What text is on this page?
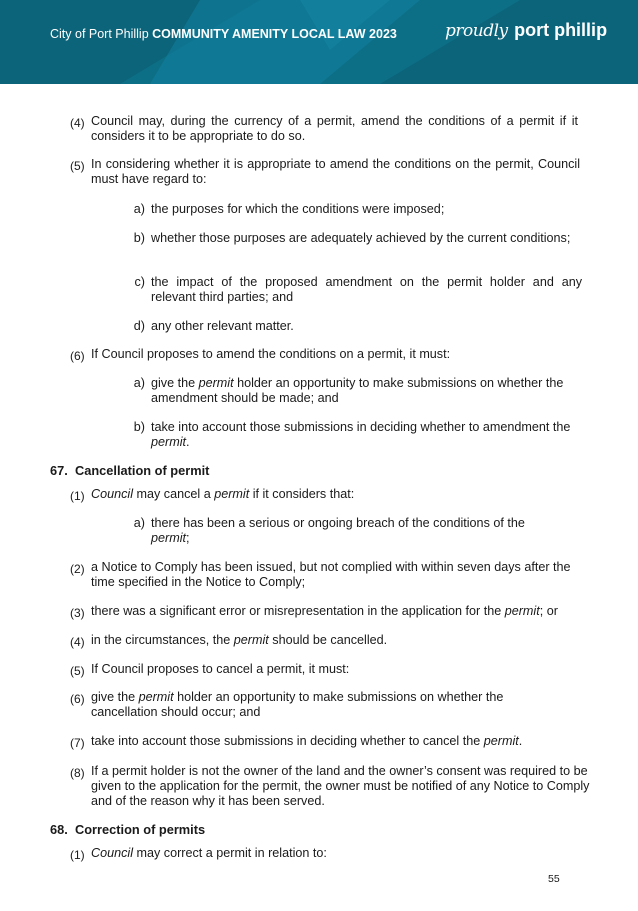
City of Port Phillip COMMUNITY AMENITY LOCAL LAW 2023	proudly port phillip
(4) Council may, during the currency of a permit, amend the conditions of a permit if it considers it to be appropriate to do so.
(5) In considering whether it is appropriate to amend the conditions on the permit, Council must have regard to:
a) the purposes for which the conditions were imposed;
b) whether those purposes are adequately achieved by the current conditions;
c) the impact of the proposed amendment on the permit holder and any relevant third parties; and
d) any other relevant matter.
(6) If Council proposes to amend the conditions on a permit, it must:
a) give the permit holder an opportunity to make submissions on whether the amendment should be made; and
b) take into account those submissions in deciding whether to amendment the permit.
67. Cancellation of permit
(1) Council may cancel a permit if it considers that:
a) there has been a serious or ongoing breach of the conditions of the permit;
(2) a Notice to Comply has been issued, but not complied with within seven days after the time specified in the Notice to Comply;
(3) there was a significant error or misrepresentation in the application for the permit; or
(4) in the circumstances, the permit should be cancelled.
(5) If Council proposes to cancel a permit, it must:
(6) give the permit holder an opportunity to make submissions on whether the cancellation should occur; and
(7) take into account those submissions in deciding whether to cancel the permit.
(8) If a permit holder is not the owner of the land and the owner’s consent was required to be given to the application for the permit, the owner must be notified of any Notice to Comply and of the reason why it has been served.
68. Correction of permits
(1) Council may correct a permit in relation to:
55
